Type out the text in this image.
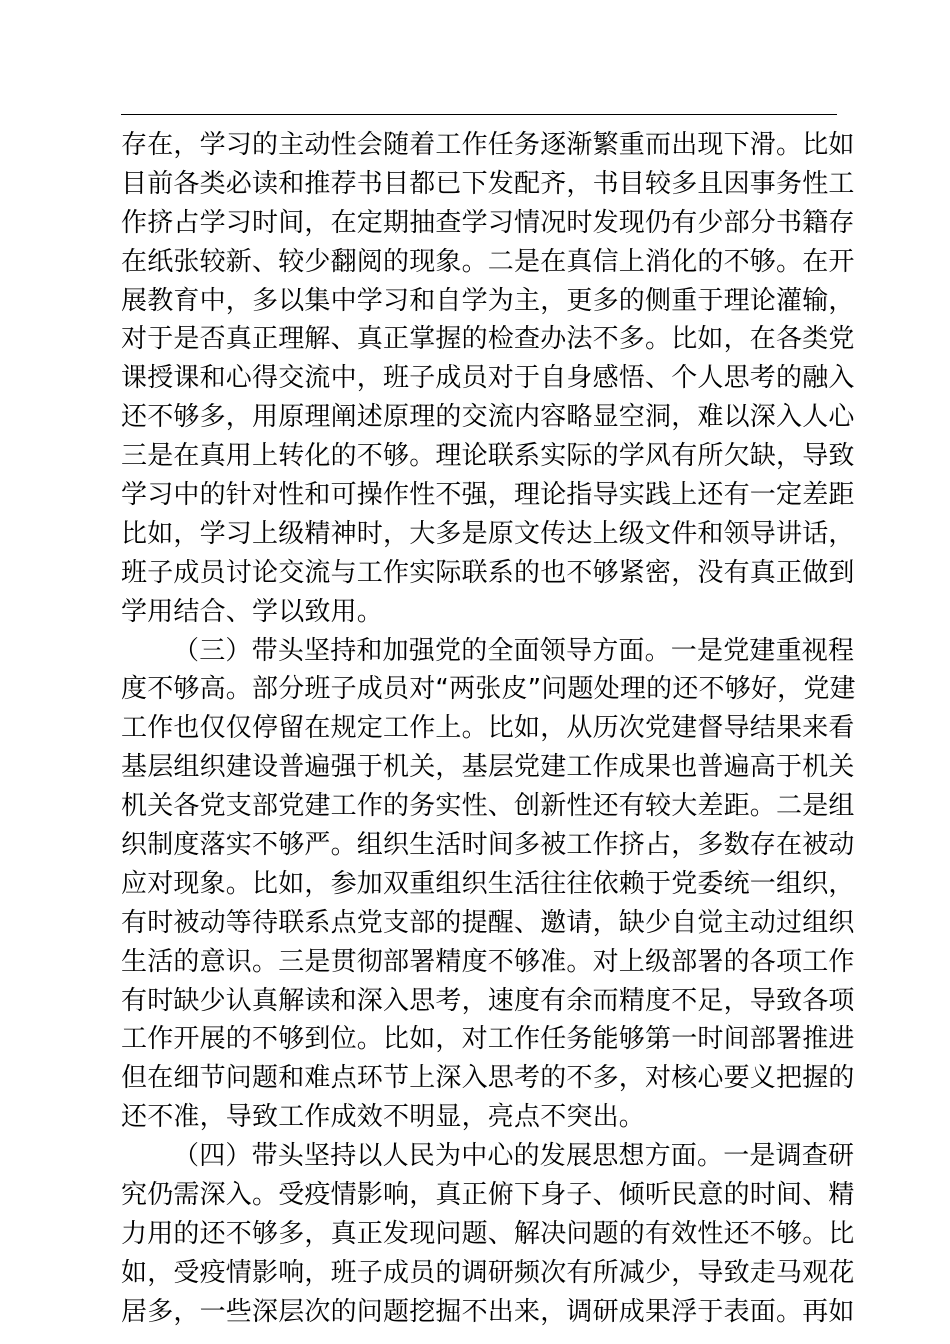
存在，学习的主动性会随着工作任务逐渐繁重而出现下滑。比如
目前各类必读和推荐书目都已下发配齐，书目较多且因事务性工
作挤占学习时间，在定期抽查学习情况时发现仍有少部分书籍存
在纸张较新、较少翻阅的现象。二是在真信上消化的不够。在开
展教育中，多以集中学习和自学为主，更多的侧重于理论灌输，
对于是否真正理解、真正掌握的检查办法不多。比如，在各类党
课授课和心得交流中，班子成员对于自身感悟、个人思考的融入
还不够多，用原理阐述原理的交流内容略显空洞，难以深入人心
三是在真用上转化的不够。理论联系实际的学风有所欠缺，导致
学习中的针对性和可操作性不强，理论指导实践上还有一定差距
比如，学习上级精神时，大多是原文传达上级文件和领导讲话，
班子成员讨论交流与工作实际联系的也不够紧密，没有真正做到
学用结合、学以致用。
（三）带头坚持和加强党的全面领导方面。一是党建重视程
度不够高。部分班子成员对“两张皮”问题处理的还不够好，党建
工作也仅仅停留在规定工作上。比如，从历次党建督导结果来看
基层组织建设普遍强于机关，基层党建工作成果也普遍高于机关
机关各党支部党建工作的务实性、创新性还有较大差距。二是组
织制度落实不够严。组织生活时间多被工作挤占，多数存在被动
应对现象。比如，参加双重组织生活往往依赖于党委统一组织，
有时被动等待联系点党支部的提醒、邀请，缺少自觉主动过组织
生活的意识。三是贯彻部署精度不够准。对上级部署的各项工作
有时缺少认真解读和深入思考，速度有余而精度不足，导致各项
工作开展的不够到位。比如，对工作任务能够第一时间部署推进
但在细节问题和难点环节上深入思考的不多，对核心要义把握的
还不准，导致工作成效不明显，亮点不突出。
（四）带头坚持以人民为中心的发展思想方面。一是调查研
究仍需深入。受疫情影响，真正俯下身子、倾听民意的时间、精
力用的还不够多，真正发现问题、解决问题的有效性还不够。比
如，受疫情影响，班子成员的调研频次有所减少，导致走马观花
居多，一些深层次的问题挖掘不出来，调研成果浮于表面。再如
